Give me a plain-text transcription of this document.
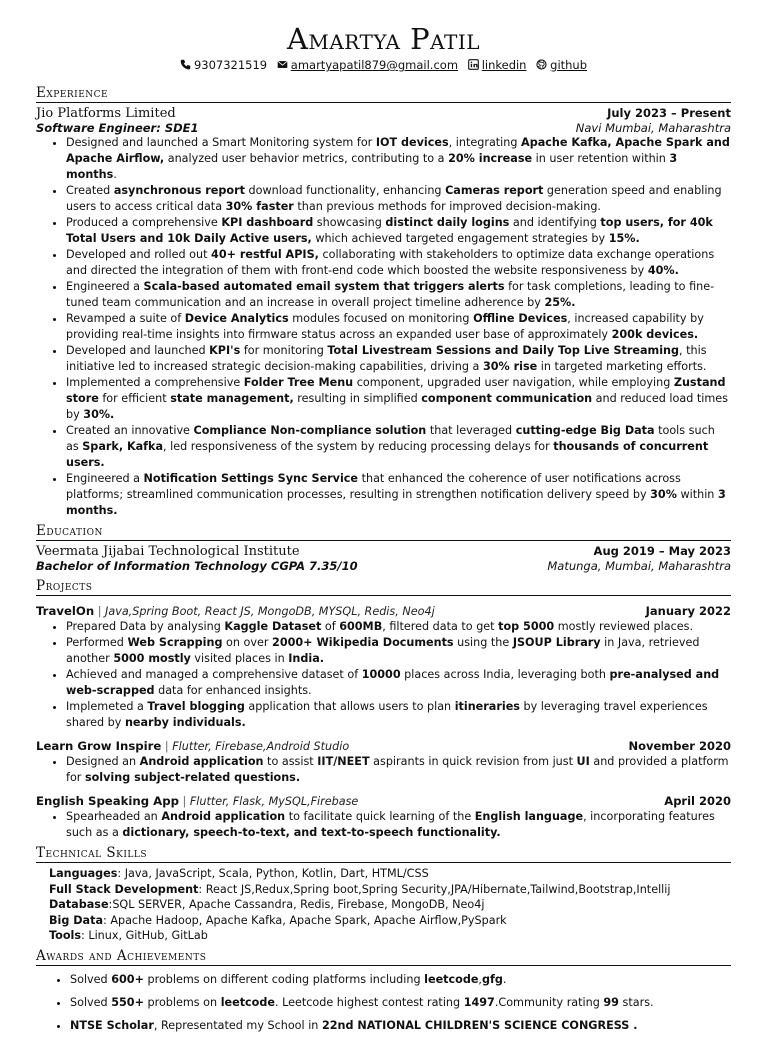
Amartya Patil
9307321519 amartyapatil879@gmail.com linkedin github
Experience
Jio Platforms Limited	July 2023 – Present
Software Engineer: SDE1	Navi Mumbai, Maharashtra
• Designed and launched a Smart Monitoring system for IOT devices, integrating Apache Kafka, Apache Spark and Apache Airflow, analyzed user behavior metrics, contributing to a 20% increase in user retention within 3 months.
• Created asynchronous report download functionality, enhancing Cameras report generation speed and enabling users to access critical data 30% faster than previous methods for improved decision-making.
• Produced a comprehensive KPI dashboard showcasing distinct daily logins and identifying top users, for 40k Total Users and 10k Daily Active users, which achieved targeted engagement strategies by 15%.
• Developed and rolled out 40+ restful APIS, collaborating with stakeholders to optimize data exchange operations and directed the integration of them with front-end code which boosted the website responsiveness by 40%.
• Engineered a Scala-based automated email system that triggers alerts for task completions, leading to fine-tuned team communication and an increase in overall project timeline adherence by 25%.
• Revamped a suite of Device Analytics modules focused on monitoring Offline Devices, increased capability by providing real-time insights into firmware status across an expanded user base of approximately 200k devices.
• Developed and launched KPI's for monitoring Total Livestream Sessions and Daily Top Live Streaming, this initiative led to increased strategic decision-making capabilities, driving a 30% rise in targeted marketing efforts.
• Implemented a comprehensive Folder Tree Menu component, upgraded user navigation, while employing Zustand store for efficient state management, resulting in simplified component communication and reduced load times by 30%.
• Created an innovative Compliance Non-compliance solution that leveraged cutting-edge Big Data tools such as Spark, Kafka, led responsiveness of the system by reducing processing delays for thousands of concurrent users.
• Engineered a Notification Settings Sync Service that enhanced the coherence of user notifications across platforms; streamlined communication processes, resulting in strengthen notification delivery speed by 30% within 3 months.
Education
Veermata Jijabai Technological Institute	Aug 2019 – May 2023
Bachelor of Information Technology CGPA 7.35/10	Matunga, Mumbai, Maharashtra
Projects
TravelOn | Java,Spring Boot, React JS, MongoDB, MYSQL, Redis, Neo4j	January 2022
• Prepared Data by analysing Kaggle Dataset of 600MB, filtered data to get top 5000 mostly reviewed places.
• Performed Web Scrapping on over 2000+ Wikipedia Documents using the JSOUP Library in Java, retrieved another 5000 mostly visited places in India.
• Achieved and managed a comprehensive dataset of 10000 places across India, leveraging both pre-analysed and web-scrapped data for enhanced insights.
• Implemeted a Travel blogging application that allows users to plan itineraries by leveraging travel experiences shared by nearby individuals.
Learn Grow Inspire | Flutter, Firebase,Android Studio	November 2020
• Designed an Android application to assist IIT/NEET aspirants in quick revision from just UI and provided a platform for solving subject-related questions.
English Speaking App | Flutter, Flask, MySQL,Firebase	April 2020
• Spearheaded an Android application to facilitate quick learning of the English language, incorporating features such as a dictionary, speech-to-text, and text-to-speech functionality.
Technical Skills
Languages: Java, JavaScript, Scala, Python, Kotlin, Dart, HTML/CSS
Full Stack Development: React JS,Redux,Spring boot,Spring Security,JPA/Hibernate,Tailwind,Bootstrap,Intellij
Database:SQL SERVER, Apache Cassandra, Redis, Firebase, MongoDB, Neo4j
Big Data: Apache Hadoop, Apache Kafka, Apache Spark, Apache Airflow,PySpark
Tools: Linux, GitHub, GitLab
Awards and Achievements
• Solved 600+ problems on different coding platforms including leetcode,gfg.
• Solved 550+ problems on leetcode. Leetcode highest contest rating 1497.Community rating 99 stars.
• NTSE Scholar, Representated my School in 22nd NATIONAL CHILDREN'S SCIENCE CONGRESS .
